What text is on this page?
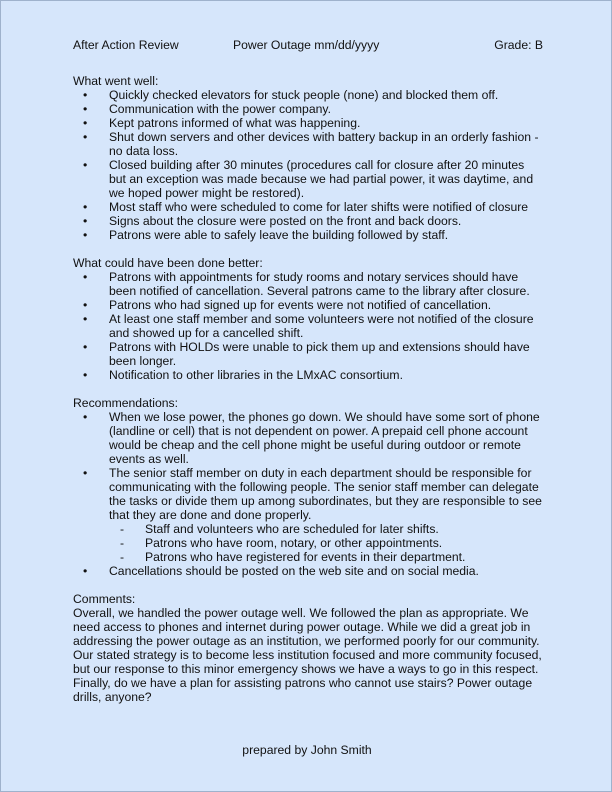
After Action Review	Power Outage mm/dd/yyyy	Grade: B

What went well:

• Quickly checked elevators for stuck people (none) and blocked them off.
• Communication with the power company.
• Kept patrons informed of what was happening.
• Shut down servers and other devices with battery backup in an orderly fashion - no data loss.
• Closed building after 30 minutes (procedures call for closure after 20 minutes but an exception was made because we had partial power, it was daytime, and we hoped power might be restored).
• Most staff who were scheduled to come for later shifts were notified of closure
• Signs about the closure were posted on the front and back doors.
• Patrons were able to safely leave the building followed by staff.

What could have been done better:

• Patrons with appointments for study rooms and notary services should have been notified of cancellation. Several patrons came to the library after closure.
• Patrons who had signed up for events were not notified of cancellation.
• At least one staff member and some volunteers were not notified of the closure and showed up for a cancelled shift.
• Patrons with HOLDs were unable to pick them up and extensions should have been longer.
• Notification to other libraries in the LMxAC consortium.

Recommendations:

• When we lose power, the phones go down. We should have some sort of phone (landline or cell) that is not dependent on power. A prepaid cell phone account would be cheap and the cell phone might be useful during outdoor or remote events as well.
• The senior staff member on duty in each department should be responsible for communicating with the following people. The senior staff member can delegate the tasks or divide them up among subordinates, but they are responsible to see that they are done and done properly.
- Staff and volunteers who are scheduled for later shifts.
- Patrons who have room, notary, or other appointments.
- Patrons who have registered for events in their department.
• Cancellations should be posted on the web site and on social media.

Comments:

Overall, we handled the power outage well. We followed the plan as appropriate. We need access to phones and internet during power outage. While we did a great job in addressing the power outage as an institution, we performed poorly for our community. Our stated strategy is to become less institution focused and more community focused, but our response to this minor emergency shows we have a ways to go in this respect. Finally, do we have a plan for assisting patrons who cannot use stairs? Power outage drills, anyone?

prepared by John Smith
